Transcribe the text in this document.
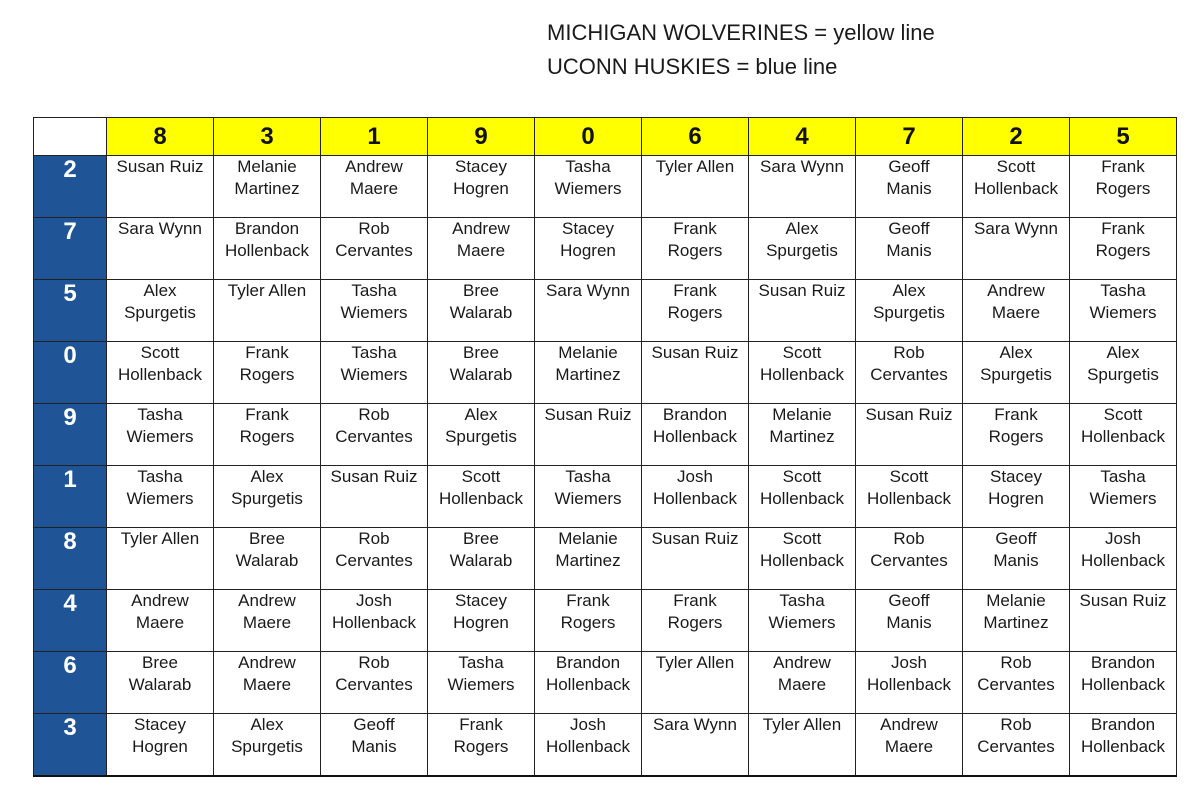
MICHIGAN WOLVERINES = yellow line
UCONN HUSKIES = blue line
	8	3	1	9	0	6	4	7	2	5
2	Susan Ruiz	Melanie
Martinez	Andrew
Maere	Stacey
Hogren	Tasha
Wiemers	Tyler Allen	Sara Wynn	Geoff
Manis	Scott
Hollenback	Frank
Rogers

7	Sara Wynn	Brandon
Hollenback	Rob
Cervantes	Andrew
Maere	Stacey
Hogren	Frank
Rogers	Alex
Spurgetis	Geoff
Manis	Sara Wynn	Frank
Rogers

5	Alex
Spurgetis	Tyler Allen	Tasha
Wiemers	Bree
Walarab	Sara Wynn	Frank
Rogers	Susan Ruiz	Alex
Spurgetis	Andrew
Maere	Tasha
Wiemers

0	Scott
Hollenback	Frank
Rogers	Tasha
Wiemers	Bree
Walarab	Melanie
Martinez	Susan Ruiz	Scott
Hollenback	Rob
Cervantes	Alex
Spurgetis	Alex
Spurgetis

9	Tasha
Wiemers	Frank
Rogers	Rob
Cervantes	Alex
Spurgetis	Susan Ruiz	Brandon
Hollenback	Melanie
Martinez	Susan Ruiz	Frank
Rogers	Scott
Hollenback

1	Tasha
Wiemers	Alex
Spurgetis	Susan Ruiz	Scott
Hollenback	Tasha
Wiemers	Josh
Hollenback	Scott
Hollenback	Scott
Hollenback	Stacey
Hogren	Tasha
Wiemers

8	Tyler Allen	Bree
Walarab	Rob
Cervantes	Bree
Walarab	Melanie
Martinez	Susan Ruiz	Scott
Hollenback	Rob
Cervantes	Geoff
Manis	Josh
Hollenback

4	Andrew
Maere	Andrew
Maere	Josh
Hollenback	Stacey
Hogren	Frank
Rogers	Frank
Rogers	Tasha
Wiemers	Geoff
Manis	Melanie
Martinez	Susan Ruiz

6	Bree
Walarab	Andrew
Maere	Rob
Cervantes	Tasha
Wiemers	Brandon
Hollenback	Tyler Allen	Andrew
Maere	Josh
Hollenback	Rob
Cervantes	Brandon
Hollenback

3	Stacey
Hogren	Alex
Spurgetis	Geoff
Manis	Frank
Rogers	Josh
Hollenback	Sara Wynn	Tyler Allen	Andrew
Maere	Rob
Cervantes	Brandon
Hollenback
